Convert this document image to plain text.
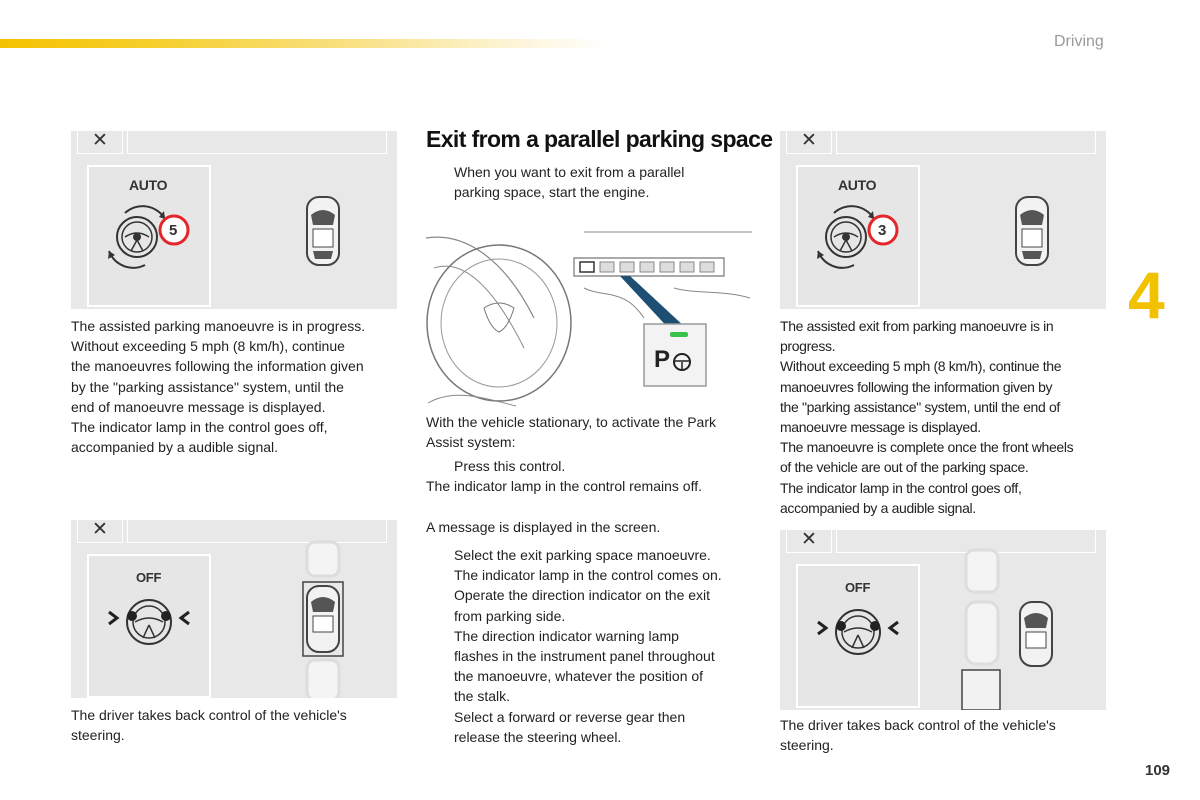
Driving
4
109
✕
AUTO
5
The assisted parking manoeuvre is in progress.
Without exceeding 5 mph (8 km/h), continue
the manoeuvres following the information given
by the "parking assistance" system, until the
end of manoeuvre message is displayed.
The indicator lamp in the control goes off,
accompanied by a audible signal.
✕
OFF
The driver takes back control of the vehicle's
steering.
Exit from a parallel parking space
When you want to exit from a parallel
parking space, start the engine.
P
With the vehicle stationary, to activate the Park
Assist system:
Press this control.
The indicator lamp in the control remains off.
A message is displayed in the screen.
Select the exit parking space manoeuvre.
The indicator lamp in the control comes on.
Operate the direction indicator on the exit
from parking side.
The direction indicator warning lamp
flashes in the instrument panel throughout
the manoeuvre, whatever the position of
the stalk.
Select a forward or reverse gear then
release the steering wheel.
✕
AUTO
3
The assisted exit from parking manoeuvre is in
progress.
Without exceeding 5 mph (8 km/h), continue the
manoeuvres following the information given by
the "parking assistance" system, until the end of
manoeuvre message is displayed.
The manoeuvre is complete once the front wheels
of the vehicle are out of the parking space.
The indicator lamp in the control goes off,
accompanied by a audible signal.
✕
OFF
The driver takes back control of the vehicle's
steering.
